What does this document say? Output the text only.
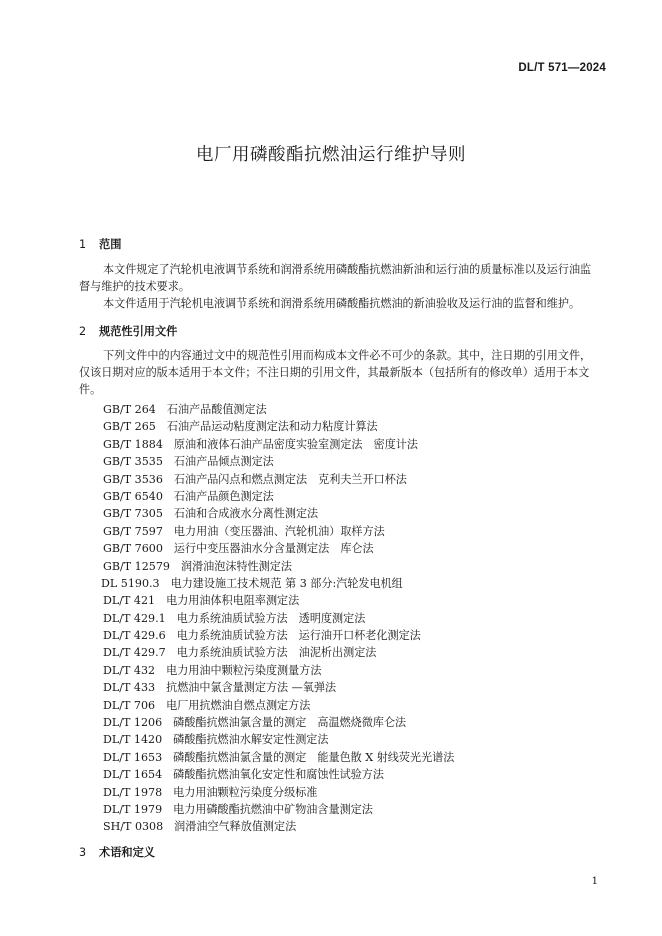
DL/T 571—2024
电厂用磷酸酯抗燃油运行维护导则
1 范围
本文件规定了汽轮机电液调节系统和润滑系统用磷酸酯抗燃油新油和运行油的质量标准以及运行油监督与维护的技术要求。
本文件适用于汽轮机电液调节系统和润滑系统用磷酸酯抗燃油的新油验收及运行油的监督和维护。
2 规范性引用文件
下列文件中的内容通过文中的规范性引用而构成本文件必不可少的条款。其中，注日期的引用文件，仅该日期对应的版本适用于本文件；不注日期的引用文件，其最新版本（包括所有的修改单）适用于本文件。
GB/T 264 石油产品酸值测定法
GB/T 265 石油产品运动粘度测定法和动力粘度计算法
GB/T 1884 原油和液体石油产品密度实验室测定法　密度计法
GB/T 3535 石油产品倾点测定法
GB/T 3536 石油产品闪点和燃点测定法　克利夫兰开口杯法
GB/T 6540 石油产品颜色测定法
GB/T 7305 石油和合成液水分离性测定法
GB/T 7597 电力用油（变压器油、汽轮机油）取样方法
GB/T 7600 运行中变压器油水分含量测定法　库仑法
GB/T 12579 润滑油泡沫特性测定法
DL 5190.3 电力建设施工技术规范 第 3 部分:汽轮发电机组
DL/T 421 电力用油体积电阻率测定法
DL/T 429.1 电力系统油质试验方法　透明度测定法
DL/T 429.6 电力系统油质试验方法　运行油开口杯老化测定法
DL/T 429.7 电力系统油质试验方法　油泥析出测定法
DL/T 432 电力用油中颗粒污染度测量方法
DL/T 433 抗燃油中氯含量测定方法 —氧弹法
DL/T 706 电厂用抗燃油自燃点测定方法
DL/T 1206 磷酸酯抗燃油氯含量的测定　高温燃烧微库仑法
DL/T 1420 磷酸酯抗燃油水解安定性测定法
DL/T 1653 磷酸酯抗燃油氯含量的测定　能量色散 X 射线荧光光谱法
DL/T 1654 磷酸酯抗燃油氧化安定性和腐蚀性试验方法
DL/T 1978 电力用油颗粒污染度分级标准
DL/T 1979 电力用磷酸酯抗燃油中矿物油含量测定法
SH/T 0308 润滑油空气释放值测定法
3 术语和定义
1
